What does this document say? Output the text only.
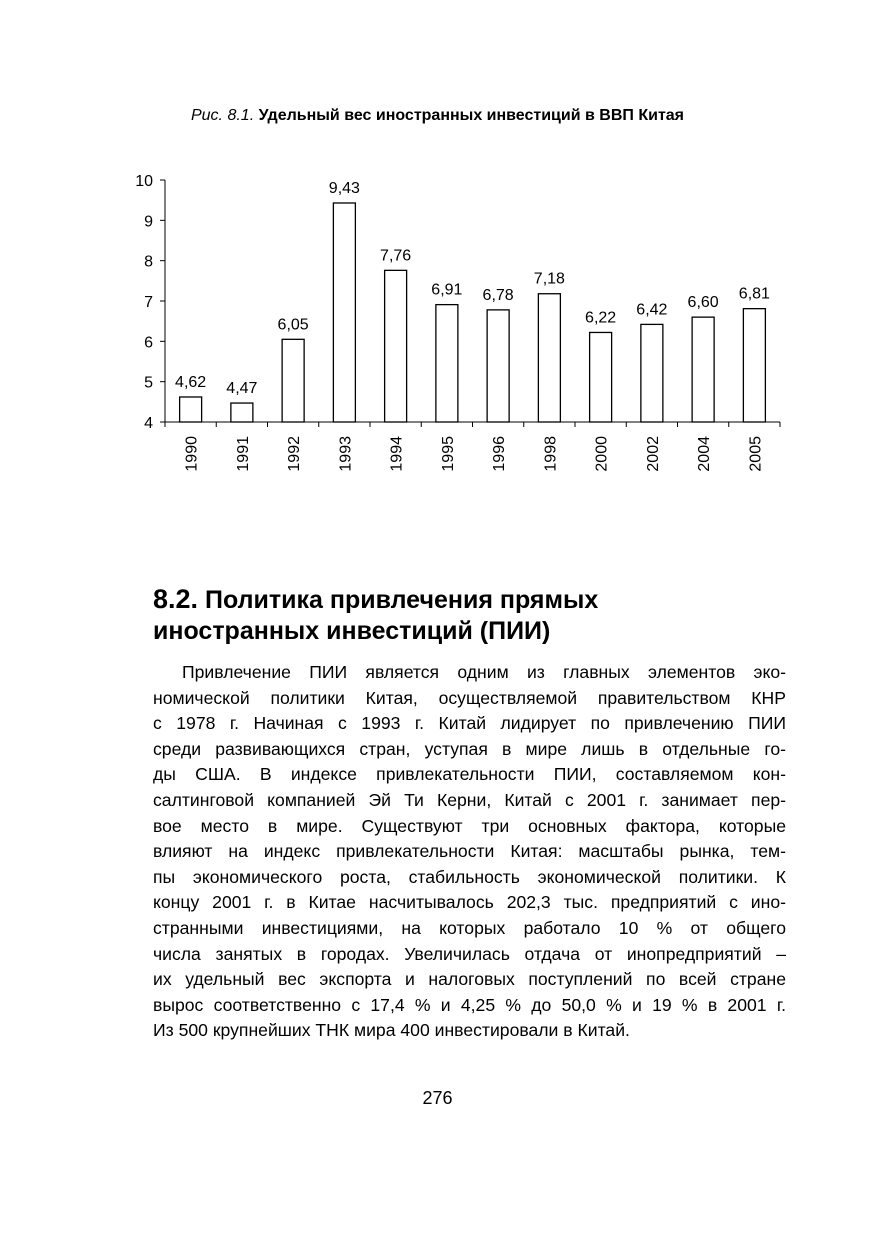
Рис. 8.1. Удельный вес иностранных инвестиций в ВВП Китая
4
5
6
7
8
9
10
4,62
1990
4,47
1991
6,05
1992
9,43
1993
7,76
1994
6,91
1995
6,78
1996
7,18
1998
6,22
2000
6,42
2002
6,60
2004
6,81
2005
8.2. Политика привлечения прямых
иностранных инвестиций (ПИИ)
Привлечение ПИИ является одним из главных элементов эко-
номической политики Китая, осуществляемой правительством КНР
с 1978 г. Начиная с 1993 г. Китай лидирует по привлечению ПИИ
среди развивающихся стран, уступая в мире лишь в отдельные го-
ды США. В индексе привлекательности ПИИ, составляемом кон-
салтинговой компанией Эй Ти Керни, Китай с 2001 г. занимает пер-
вое место в мире. Существуют три основных фактора, которые
влияют на индекс привлекательности Китая: масштабы рынка, тем-
пы экономического роста, стабильность экономической политики. К
концу 2001 г. в Китае насчитывалось 202,3 тыс. предприятий с ино-
странными инвестициями, на которых работало 10 % от общего
числа занятых в городах. Увеличилась отдача от инопредприятий –
их удельный вес экспорта и налоговых поступлений по всей стране
вырос соответственно с 17,4 % и 4,25 % до 50,0 % и 19 % в 2001 г.
Из 500 крупнейших ТНК мира 400 инвестировали в Китай.
276
